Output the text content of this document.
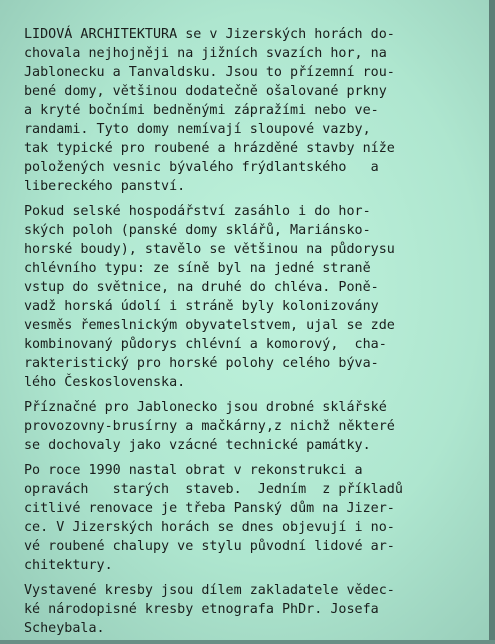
LIDOVÁ ARCHITEKTURA se v Jizerských horách do-
chovala nejhojněji na jižních svazích hor, na
Jablonecku a Tanvaldsku. Jsou to přízemní rou-
bené domy, většinou dodatečně ošalované prkny
a kryté bočními bedněnými zápražími nebo ve-
randami. Tyto domy nemívají sloupové vazby,
tak typické pro roubené a hrázděné stavby níže
položených vesnic bývalého frýdlantského   a
libereckého panství.
Pokud selské hospodářství zasáhlo i do hor-
ských poloh (panské domy sklářů, Mariánsko-
horské boudy), stavělo se většinou na půdorysu
chlévního typu: ze síně byl na jedné straně
vstup do světnice, na druhé do chléva. Poně-
vadž horská údolí i stráně byly kolonizovány
vesměs řemeslnickým obyvatelstvem, ujal se zde
kombinovaný půdorys chlévní a komorový,  cha-
rakteristický pro horské polohy celého býva-
lého Československa.
Příznačné pro Jablonecko jsou drobné sklářské
provozovny-brusírny a mačkárny,z nichž některé
se dochovaly jako vzácné technické památky.
Po roce 1990 nastal obrat v rekonstrukci a
opravách   starých  staveb.  Jedním  z příkladů
citlivé renovace je třeba Panský dům na Jizer-
ce. V Jizerských horách se dnes objevují i no-
vé roubené chalupy ve stylu původní lidové ar-
chitektury.
Vystavené kresby jsou dílem zakladatele vědec-
ké národopisné kresby etnografa PhDr. Josefa
Scheybala.
